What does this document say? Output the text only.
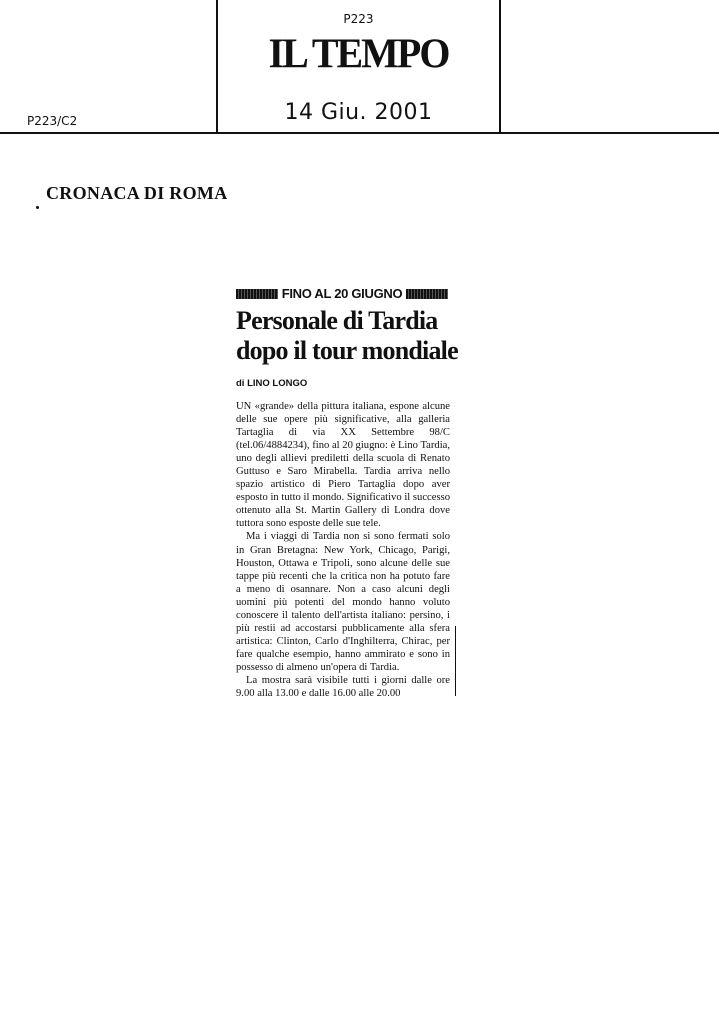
P223
IL TEMPO
14 Giu. 2001
P223/C2
CRONACA DI ROMA
FINO AL 20 GIUGNO
Personale di Tardia dopo il tour mondiale
di LINO LONGO

UN «grande» della pittura italiana, espone alcune delle sue opere più significative, alla galleria Tartaglia di via XX Settembre 98/C (tel.06/4884234), fino al 20 giugno: è Lino Tardia, uno degli allievi prediletti della scuola di Renato Guttuso e Saro Mirabella. Tardia arriva nello spazio artistico di Piero Tartaglia dopo aver esposto in tutto il mondo. Significativo il successo ottenuto alla St. Martin Gallery di Londra dove tuttora sono esposte delle sue tele.

Ma i viaggi di Tardia non si sono fermati solo in Gran Bretagna: New York, Chicago, Parigi, Houston, Ottawa e Tripoli, sono alcune delle sue tappe più recenti che la critica non ha potuto fare a meno di osannare. Non a caso alcuni degli uomini più potenti del mondo hanno voluto conoscere il talento dell'artista italiano: persino, i più restii ad accostarsi pubblicamente alla sfera artistica: Clinton, Carlo d'Inghilterra, Chirac, per fare qualche esempio, hanno ammirato e sono in possesso di almeno un'opera di Tardia.

La mostra sarà visibile tutti i giorni dalle ore 9.00 alla 13.00 e dalle 16.00 alle 20.00
